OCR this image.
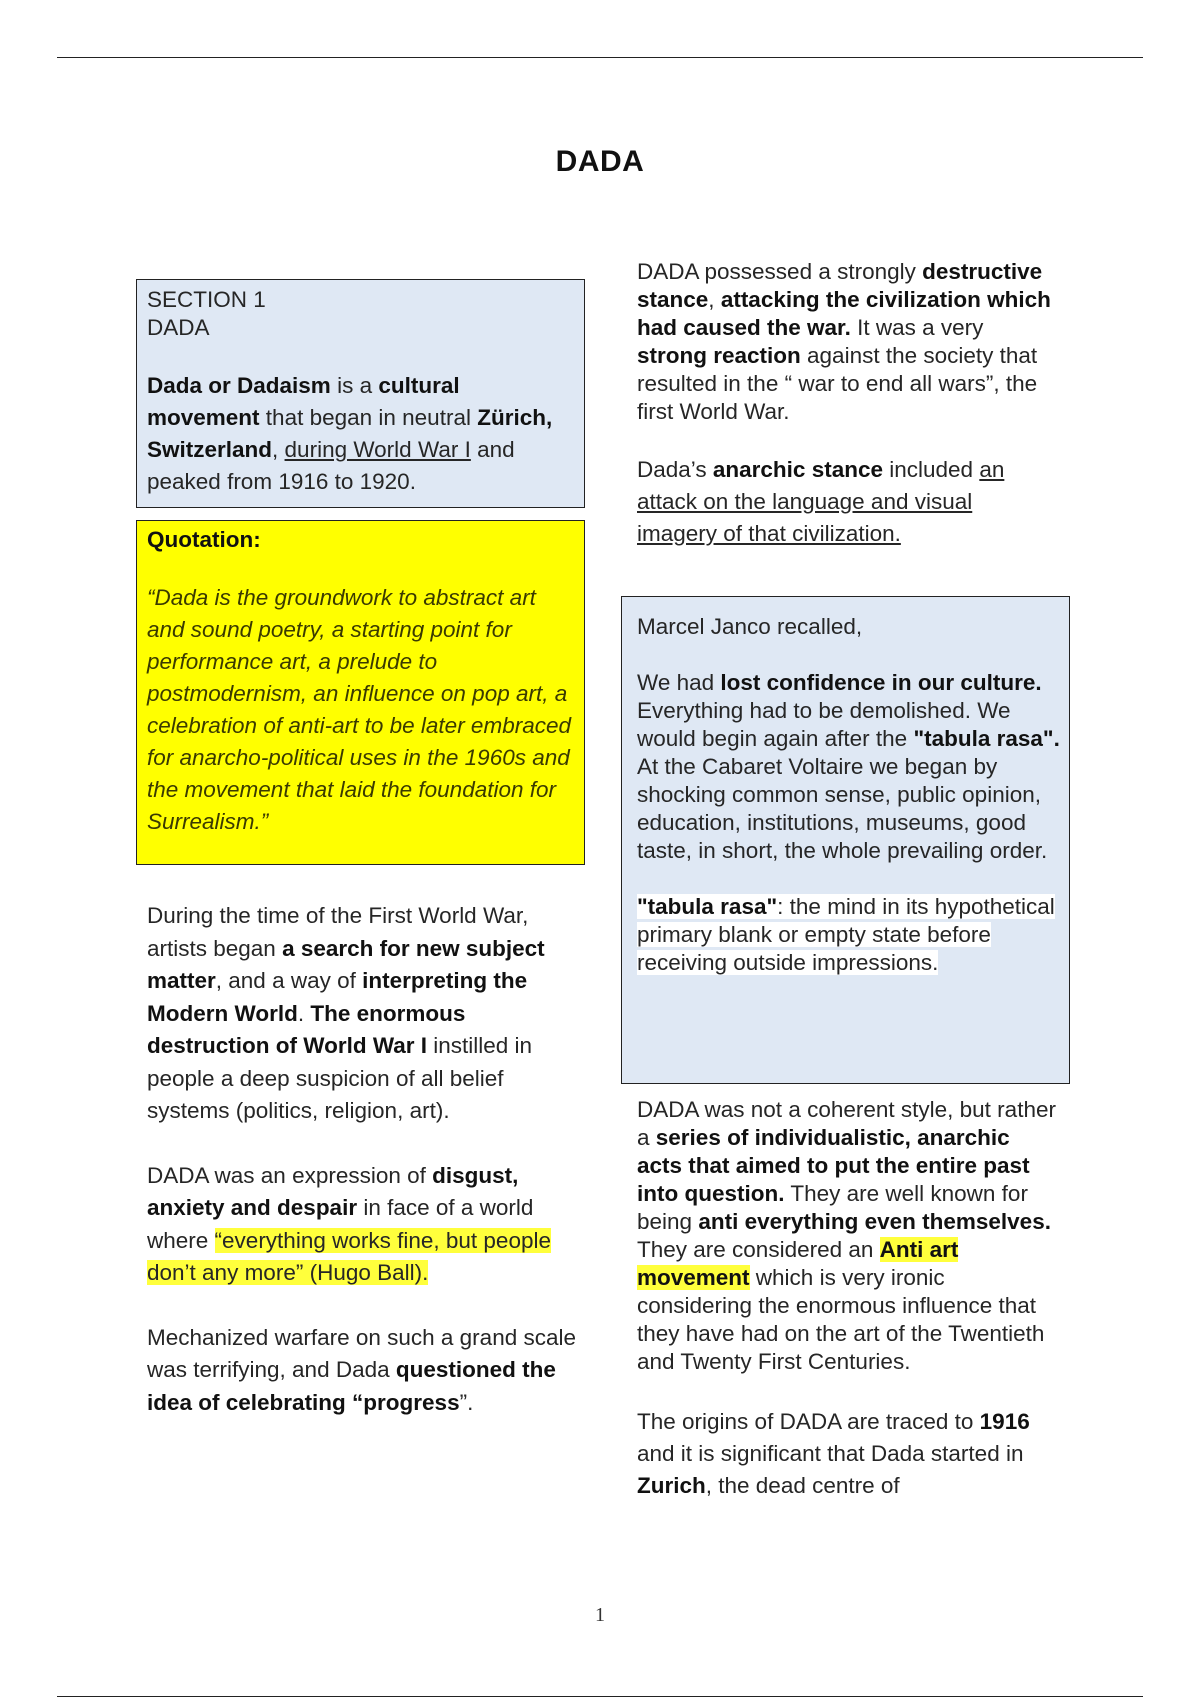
DADA

SECTION 1

DADA

Dada or Dadaism is a cultural movement that began in neutral Zürich, Switzerland, during World War I and peaked from 1916 to 1920.

Quotation:

“Dada is the groundwork to abstract art and sound poetry, a starting point for performance art, a prelude to postmodernism, an influence on pop art, a celebration of anti-art to be later embraced for anarcho-political uses in the 1960s and the movement that laid the foundation for Surrealism.”

During the time of the First World War, artists began a search for new subject matter, and a way of interpreting the Modern World. The enormous destruction of World War I instilled in people a deep suspicion of all belief systems (politics, religion, art).

DADA was an expression of disgust, anxiety and despair in face of a world where “everything works fine, but people don’t any more” (Hugo Ball).

Mechanized warfare on such a grand scale was terrifying, and Dada questioned the idea of celebrating “progress”.

DADA possessed a strongly destructive stance, attacking the civilization which had caused the war. It was a very strong reaction against the society that resulted in the “ war to end all wars”, the first World War.

Dada’s anarchic stance included an attack on the language and visual imagery of that civilization.

Marcel Janco recalled,

We had lost confidence in our culture. Everything had to be demolished. We would begin again after the "tabula rasa". At the Cabaret Voltaire we began by shocking common sense, public opinion, education, institutions, museums, good taste, in short, the whole prevailing order.

"tabula rasa": the mind in its hypothetical primary blank or empty state before receiving outside impressions.

DADA was not a coherent style, but rather a series of individualistic, anarchic acts that aimed to put the entire past into question. They are well known for being anti everything even themselves. They are considered an Anti art movement which is very ironic considering the enormous influence that they have had on the art of the Twentieth and Twenty First Centuries.

The origins of DADA are traced to 1916 and it is significant that Dada started in Zurich, the dead centre of

1
